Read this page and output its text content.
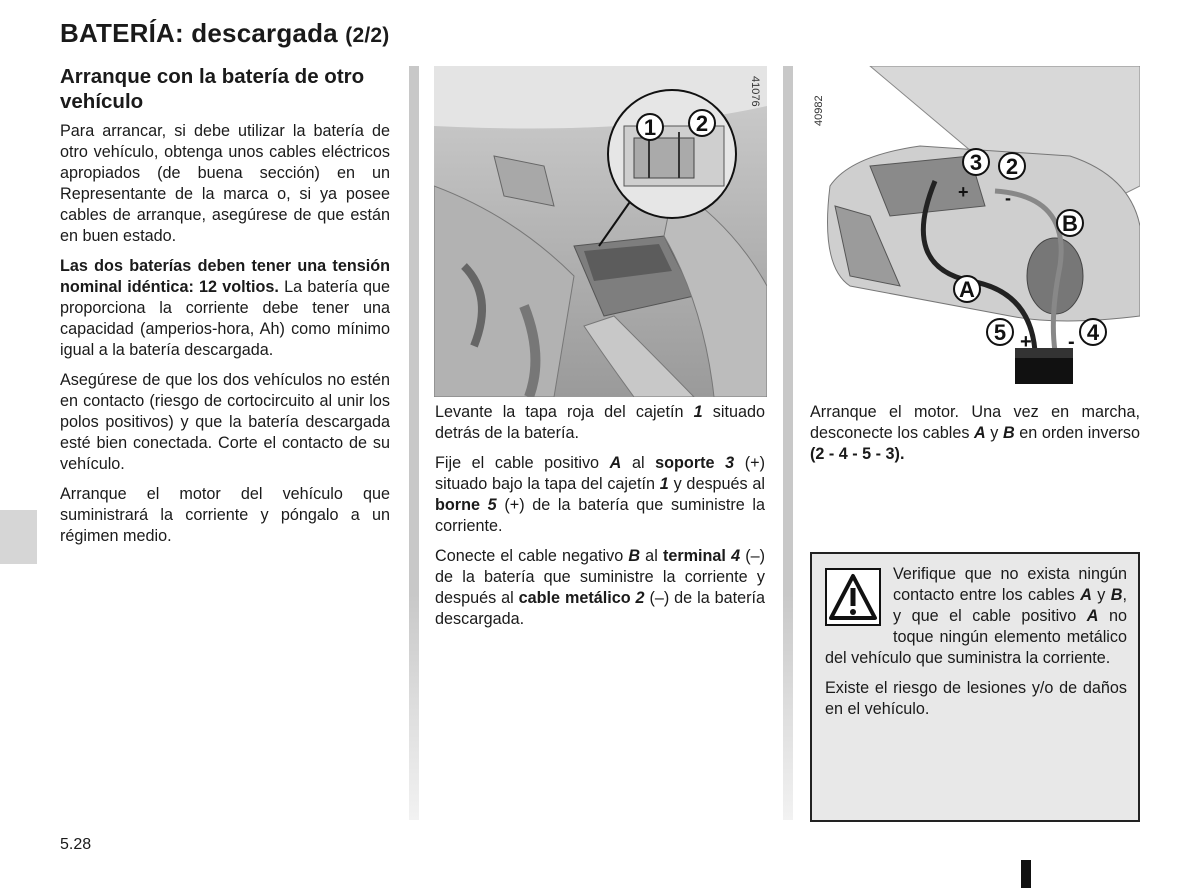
BATERÍA: descargada (2/2)
Arranque con la batería de otro vehículo

Para arrancar, si debe utilizar la batería de otro vehículo, obtenga unos cables eléctricos apropiados (de buena sección) en un Representante de la marca o, si ya posee cables de arranque, asegúrese de que están en buen estado.

Las dos baterías deben tener una tensión nominal idéntica: 12 voltios. La batería que proporciona la corriente debe tener una capacidad (amperios-hora, Ah) como mínimo igual a la batería descargada.

Asegúrese de que los dos vehículos no estén en contacto (riesgo de cortocircuito al unir los polos positivos) y que la batería descargada esté bien conectada. Corte el contacto de su vehículo.

Arranque el motor del vehículo que suministrará la corriente y póngalo a un régimen medio.

1 2
41076
+ -
+ -
3 2
B
A
5	4
40982

Levante la tapa roja del cajetín 1 situado detrás de la batería.

Fije el cable positivo A al soporte 3 (+) situado bajo la tapa del cajetín 1 y después al borne 5 (+) de la batería que suministre la corriente.

Conecte el cable negativo B al terminal 4 (–) de la batería que suministre la corriente y después al cable metálico 2 (–) de la batería descargada.

Arranque el motor. Una vez en marcha, desconecte los cables A y B en orden inverso (2 - 4 - 5 - 3).

Verifique que no exista ningún contacto entre los cables A y B, y que el cable positivo A no toque ningún elemento metálico del vehículo que suministra la corriente.

Existe el riesgo de lesiones y/o de daños en el vehículo.

5.28
